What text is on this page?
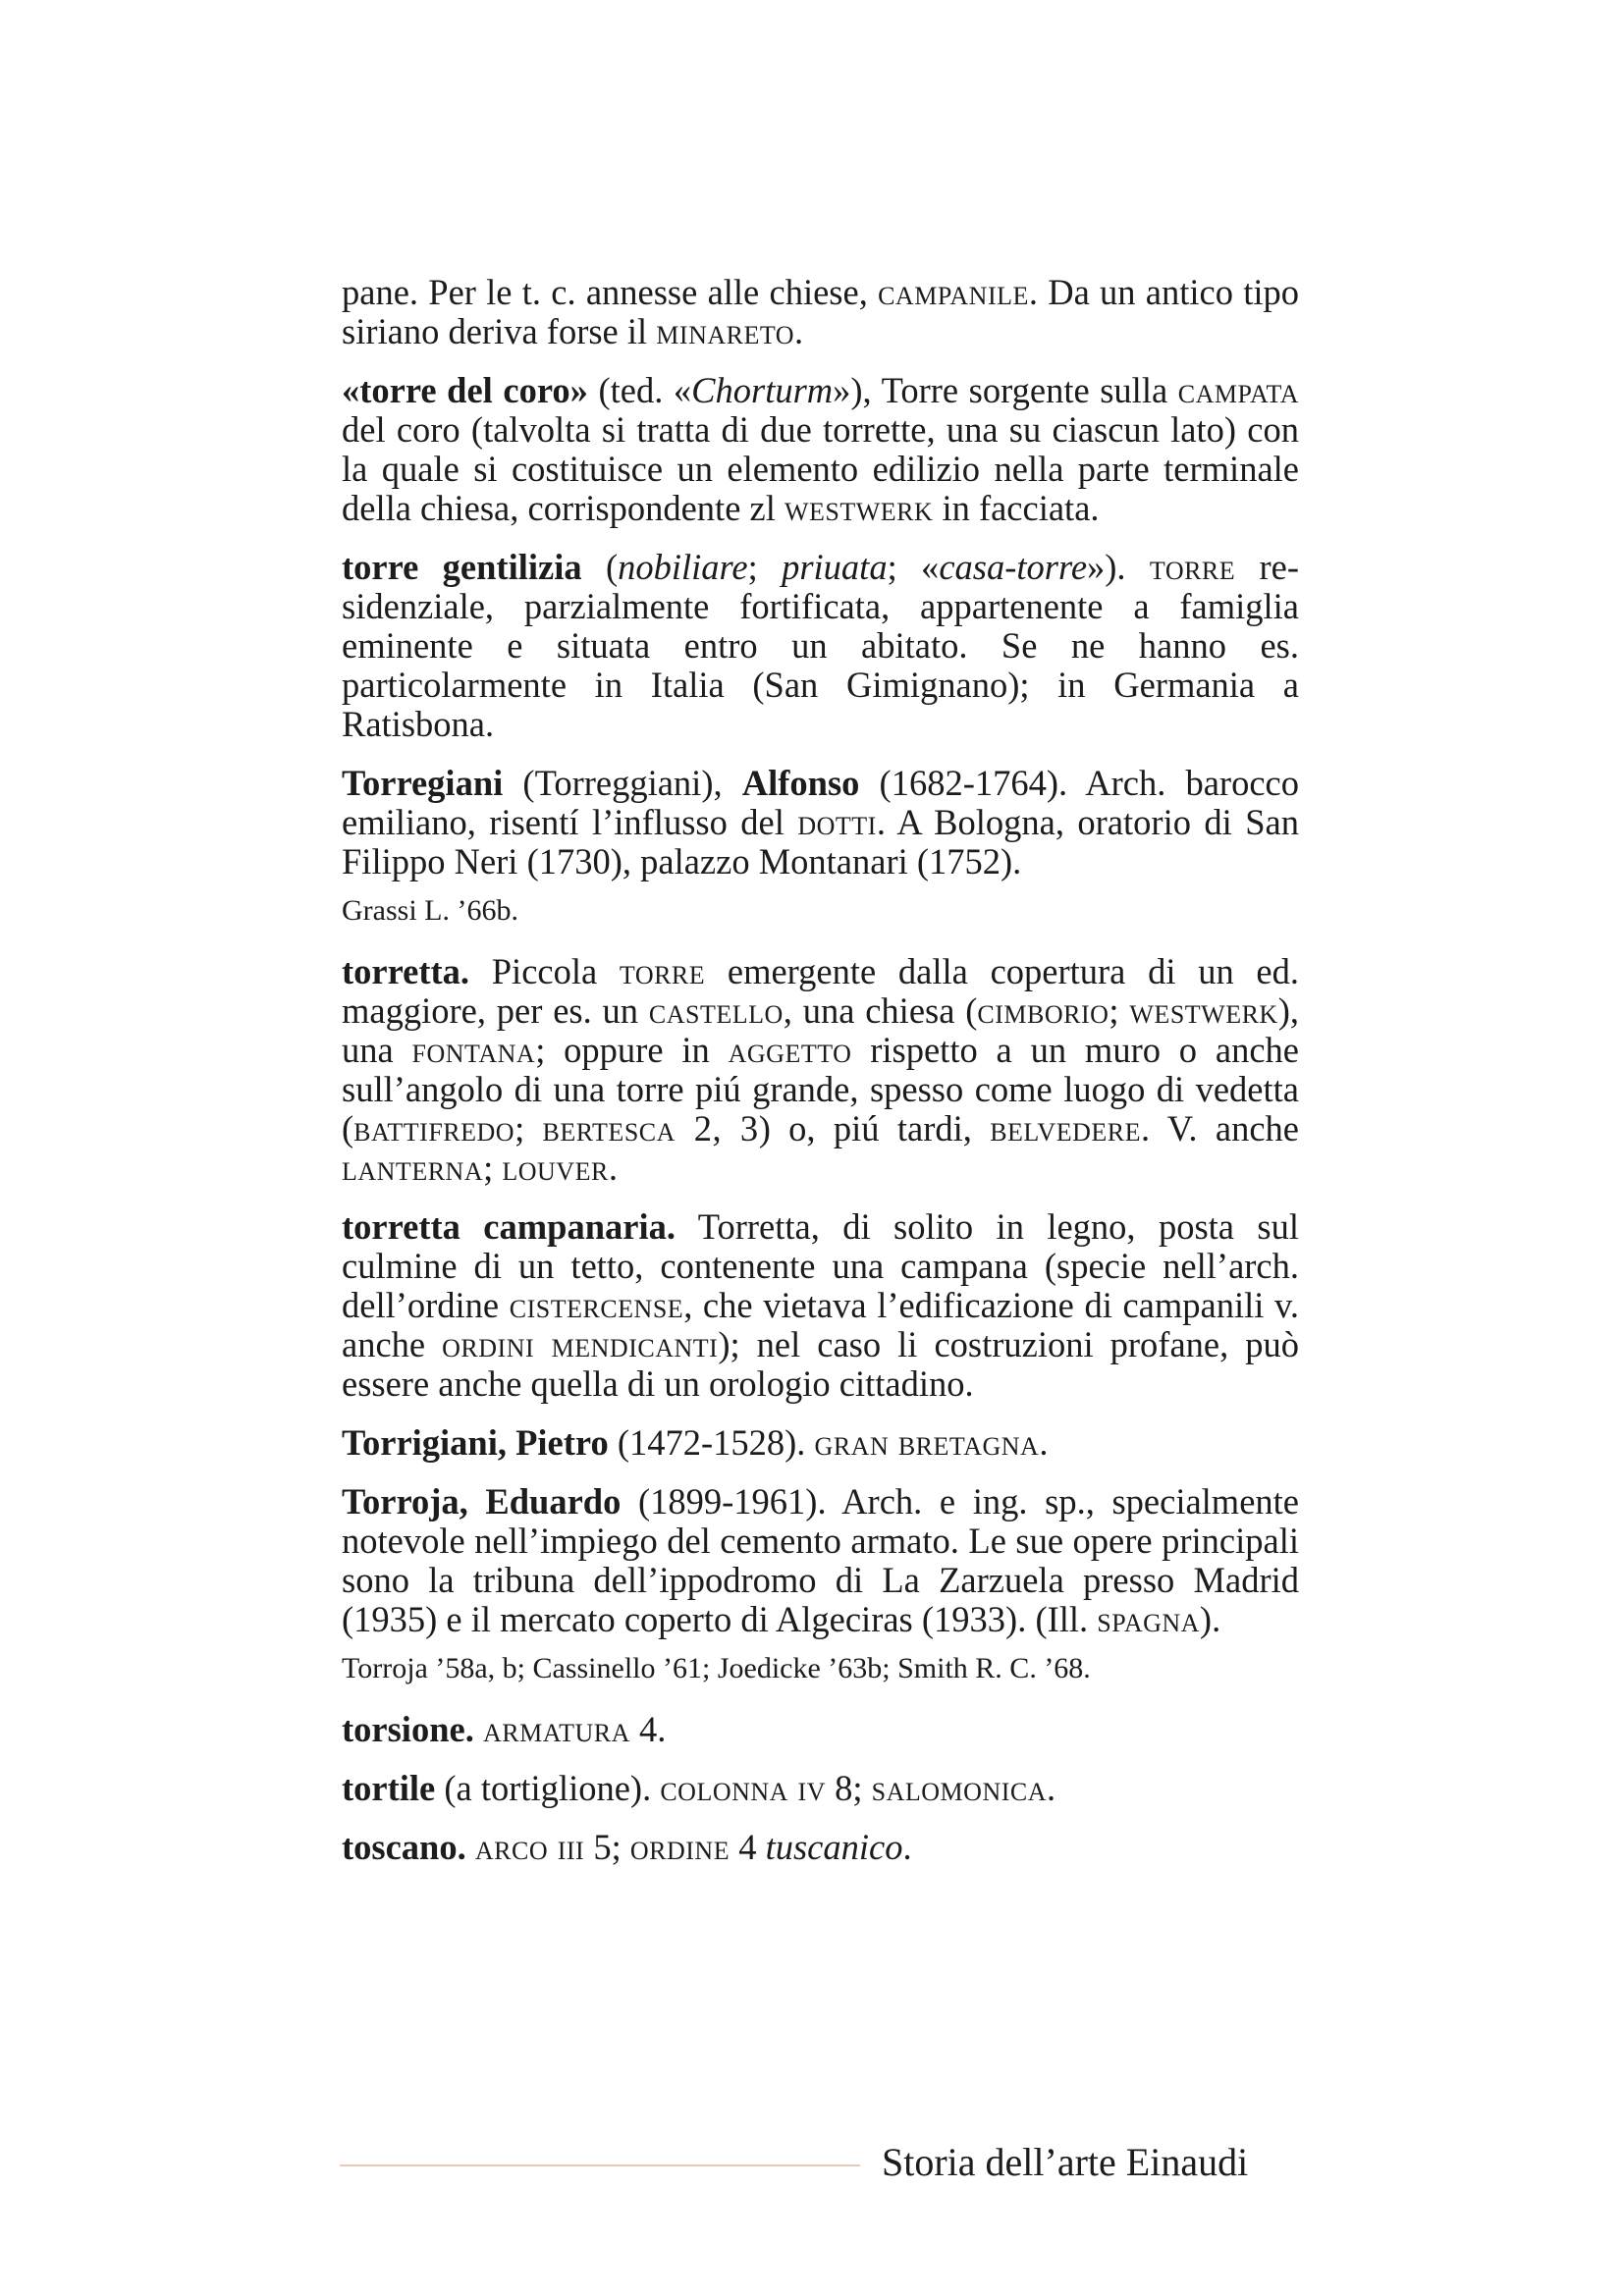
pane. Per le t. c. annesse alle chiese, campanile. Da un antico tipo siriano deriva forse il minareto.

«torre del coro» (ted. «Chorturm»), Torre sorgente sulla campata del coro (talvolta si tratta di due torrette, una su ciascun lato) con la quale si costituisce un elemento edilizio nella parte terminale della chiesa, corrispondente zl westwerk in facciata.

torre gentilizia (nobiliare; priuata; «casa-torre»). torre residenziale, parzialmente fortificata, appartenente a famiglia eminente e situata entro un abitato. Se ne hanno es. particolarmente in Italia (San Gimignano); in Germania a Ratisbona.

Torregiani (Torreggiani), Alfonso (1682-1764). Arch. barocco emiliano, risentí l’influsso del dotti. A Bologna, oratorio di San Filippo Neri (1730), palazzo Montanari (1752).

Grassi L. ’66b.

torretta. Piccola torre emergente dalla copertura di un ed. maggiore, per es. un castello, una chiesa (cimborio; westwerk), una fontana; oppure in aggetto rispetto a un muro o anche sull’angolo di una torre piú grande, spesso come luogo di vedetta (battifredo; bertesca 2, 3) o, piú tardi, belvedere. V. anche lanterna; louver.

torretta campanaria. Torretta, di solito in legno, posta sul culmine di un tetto, contenente una campana (specie nell’arch. dell’ordine cistercense, che vietava l’edificazione di campanili v. anche ordini mendicanti); nel caso li costruzioni profane, può essere anche quella di un orologio cittadino.

Torrigiani, Pietro (1472-1528). gran bretagna.

Torroja, Eduardo (1899-1961). Arch. e ing. sp., specialmente notevole nell’impiego del cemento armato. Le sue opere principali sono la tribuna dell’ippodromo di La Zarzuela presso Madrid (1935) e il mercato coperto di Algeciras (1933). (Ill. spagna).

Torroja ’58a, b; Cassinello ’61; Joedicke ’63b; Smith R. C. ’68.

torsione. armatura 4.

tortile (a tortiglione). colonna iv 8; salomonica.

toscano. arco iii 5; ordine 4 tuscanico.

Storia dell’arte Einaudi
